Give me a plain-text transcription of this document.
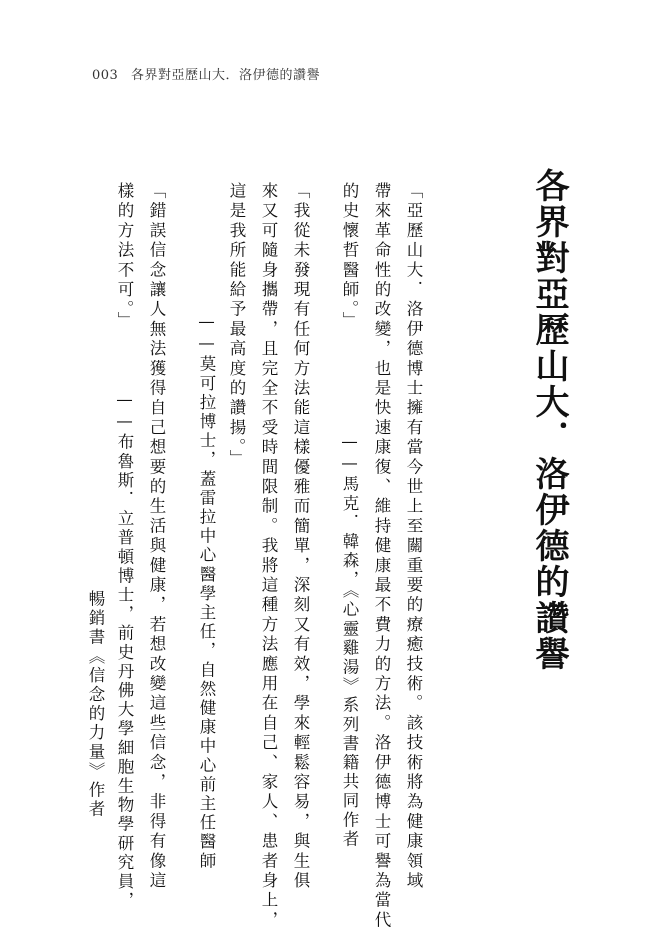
003 各界對亞歷山大．洛伊德的讚譽
各界對亞歷山大．洛伊德的讚譽
「亞歷山大．洛伊德博士擁有當今世上至關重要的療癒技術。該技術將為健康領域
帶來革命性的改變，也是快速康復、維持健康最不費力的方法。洛伊德博士可譽為當代
的史懷哲醫師。」
——馬克．韓森，《心靈雞湯》系列書籍共同作者
「我從未發現有任何方法能這樣優雅而簡單，深刻又有效，學來輕鬆容易，與生俱
來又可隨身攜帶，且完全不受時間限制。我將這種方法應用在自己、家人、患者身上，
這是我所能給予最高度的讚揚。」
——莫可拉博士，蓋雷拉中心醫學主任，自然健康中心前主任醫師
「錯誤信念讓人無法獲得自己想要的生活與健康，若想改變這些信念，非得有像這
樣的方法不可。」
——布魯斯．立普頓博士，前史丹佛大學細胞生物學研究員，
暢銷書《信念的力量》作者
